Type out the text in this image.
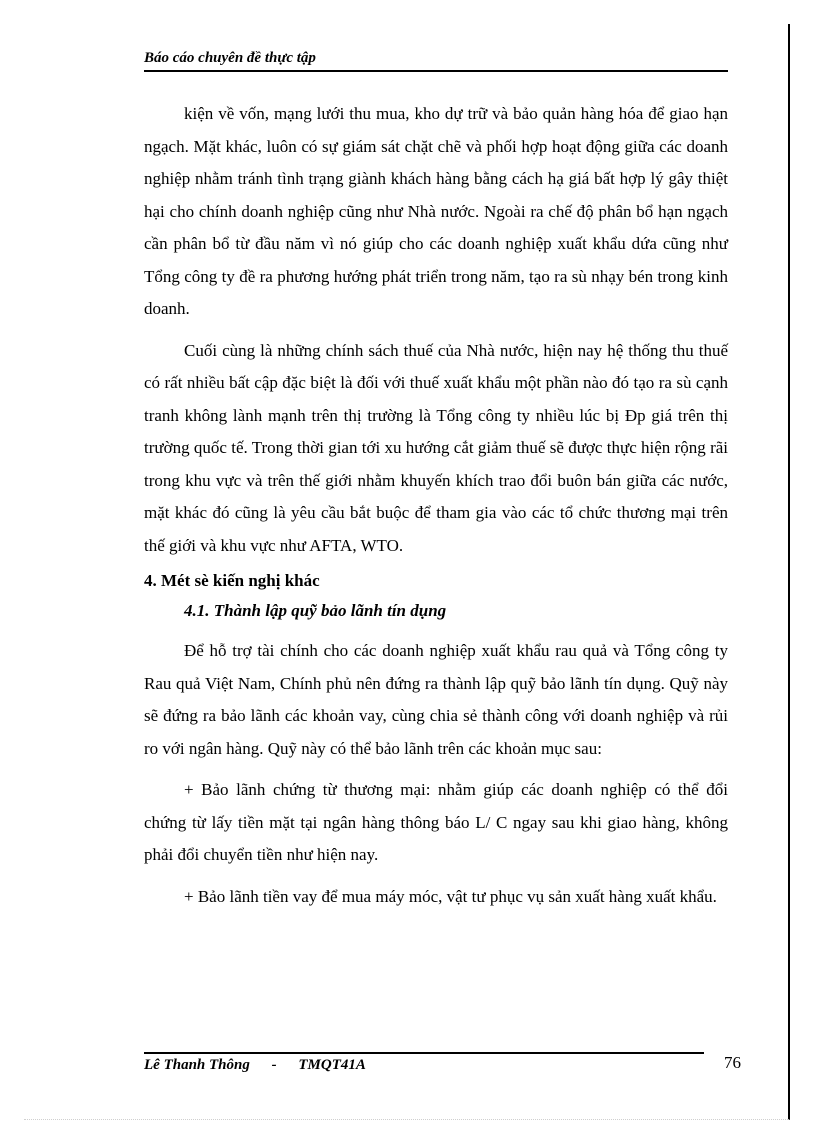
Báo cáo chuyên đề thực tập

kiện về vốn, mạng lưới thu mua, kho dự trữ và bảo quản hàng hóa để giao hạn ngạch. Mặt khác, luôn có sự giám sát chặt chẽ và phối hợp hoạt động giữa các doanh nghiệp nhằm tránh tình trạng giành khách hàng bằng cách hạ giá bất hợp lý gây thiệt hại cho chính doanh nghiệp cũng như Nhà nước. Ngoài ra chế độ phân bổ hạn ngạch cần phân bổ từ đầu năm vì nó giúp cho các doanh nghiệp xuất khẩu dứa cũng như Tổng công ty đề ra phương hướng phát triển trong năm, tạo ra sù nhạy bén trong kinh doanh.

Cuối cùng là những chính sách thuế của Nhà nước, hiện nay hệ thống thu thuế có rất nhiều bất cập đặc biệt là đối với thuế xuất khẩu một phần nào đó tạo ra sù cạnh tranh không lành mạnh trên thị trường là Tổng công ty nhiều lúc bị Ðp giá trên thị trường quốc tế. Trong thời gian tới xu hướng cắt giảm thuế sẽ được thực hiện rộng rãi trong khu vực và trên thế giới nhằm khuyến khích trao đổi buôn bán giữa các nước, mặt khác đó cũng là yêu cầu bắt buộc để tham gia vào các tổ chức thương mại trên thế giới và khu vực như AFTA, WTO.

4. Mét sè kiến nghị khác
4.1. Thành lập quỹ bảo lãnh tín dụng

Để hỗ trợ tài chính cho các doanh nghiệp xuất khẩu rau quả và Tổng công ty Rau quả Việt Nam, Chính phủ nên đứng ra thành lập quỹ bảo lãnh tín dụng. Quỹ này sẽ đứng ra bảo lãnh các khoản vay, cùng chia sẻ thành công với doanh nghiệp và rủi ro với ngân hàng. Quỹ này có thể bảo lãnh trên các khoản mục sau:

+ Bảo lãnh chứng từ thương mại: nhằm giúp các doanh nghiệp có thể đổi chứng từ lấy tiền mặt tại ngân hàng thông báo L/ C ngay sau khi giao hàng, không phải đổi chuyển tiền như hiện nay.

+ Bảo lãnh tiền vay để mua máy móc, vật tư phục vụ sản xuất hàng xuất khẩu.

Lê Thanh Thông - TMQT41A	76
